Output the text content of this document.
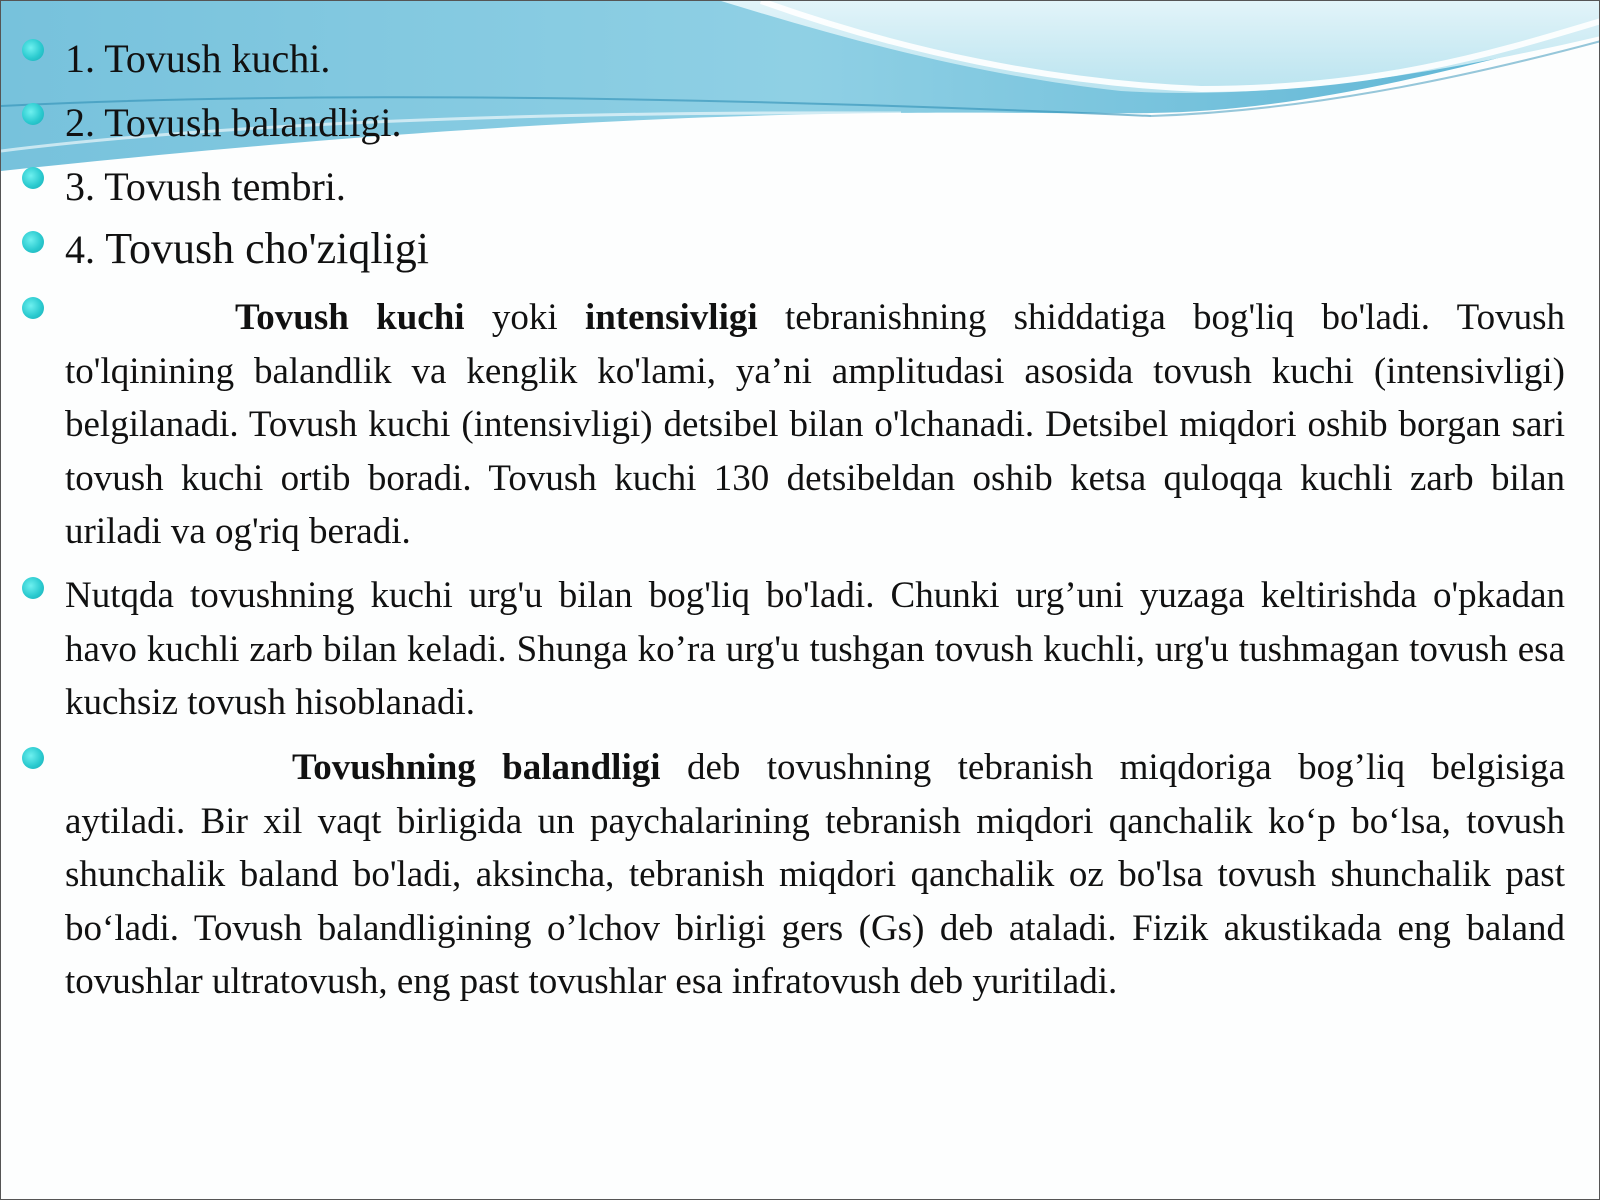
1. Tovush kuchi.
2. Tovush balandligi.
3. Tovush tembri.
4. Tovush cho'ziqligi
Tovush kuchi yoki intensivligi tebranishning shiddatiga bog'liq bo'ladi. Tovush to'lqinining balandlik va kenglik ko'lami, ya’ni amplitudasi asosida tovush kuchi (intensivligi) belgilanadi. Tovush kuchi (intensivligi) detsibel bilan o'lchanadi. Detsibel miqdori oshib borgan sari tovush kuchi ortib boradi. Tovush kuchi 130 detsibeldan oshib ketsa quloqqa kuchli zarb bilan uriladi va og'riq beradi.
Nutqda tovushning kuchi urg'u bilan bog'liq bo'ladi. Chunki urg’uni yuzaga keltirishda o'pkadan havo kuchli zarb bilan keladi. Shunga ko’ra urg'u tushgan tovush kuchli, urg'u tushmagan tovush esa kuchsiz tovush hisoblanadi.
Tovushning balandligi deb tovushning tebranish miqdoriga bog’liq belgisiga aytiladi. Bir xil vaqt birligida un paychalarining tebranish miqdori qanchalik ko‘p bo‘lsa, tovush shunchalik baland bo'ladi, aksincha, tebranish miqdori qanchalik oz bo'lsa tovush shunchalik past bo‘ladi. Tovush balandligining o’lchov birligi gers (Gs) deb ataladi. Fizik akustikada eng baland tovushlar ultratovush, eng past tovushlar esa infratovush deb yuritiladi.
